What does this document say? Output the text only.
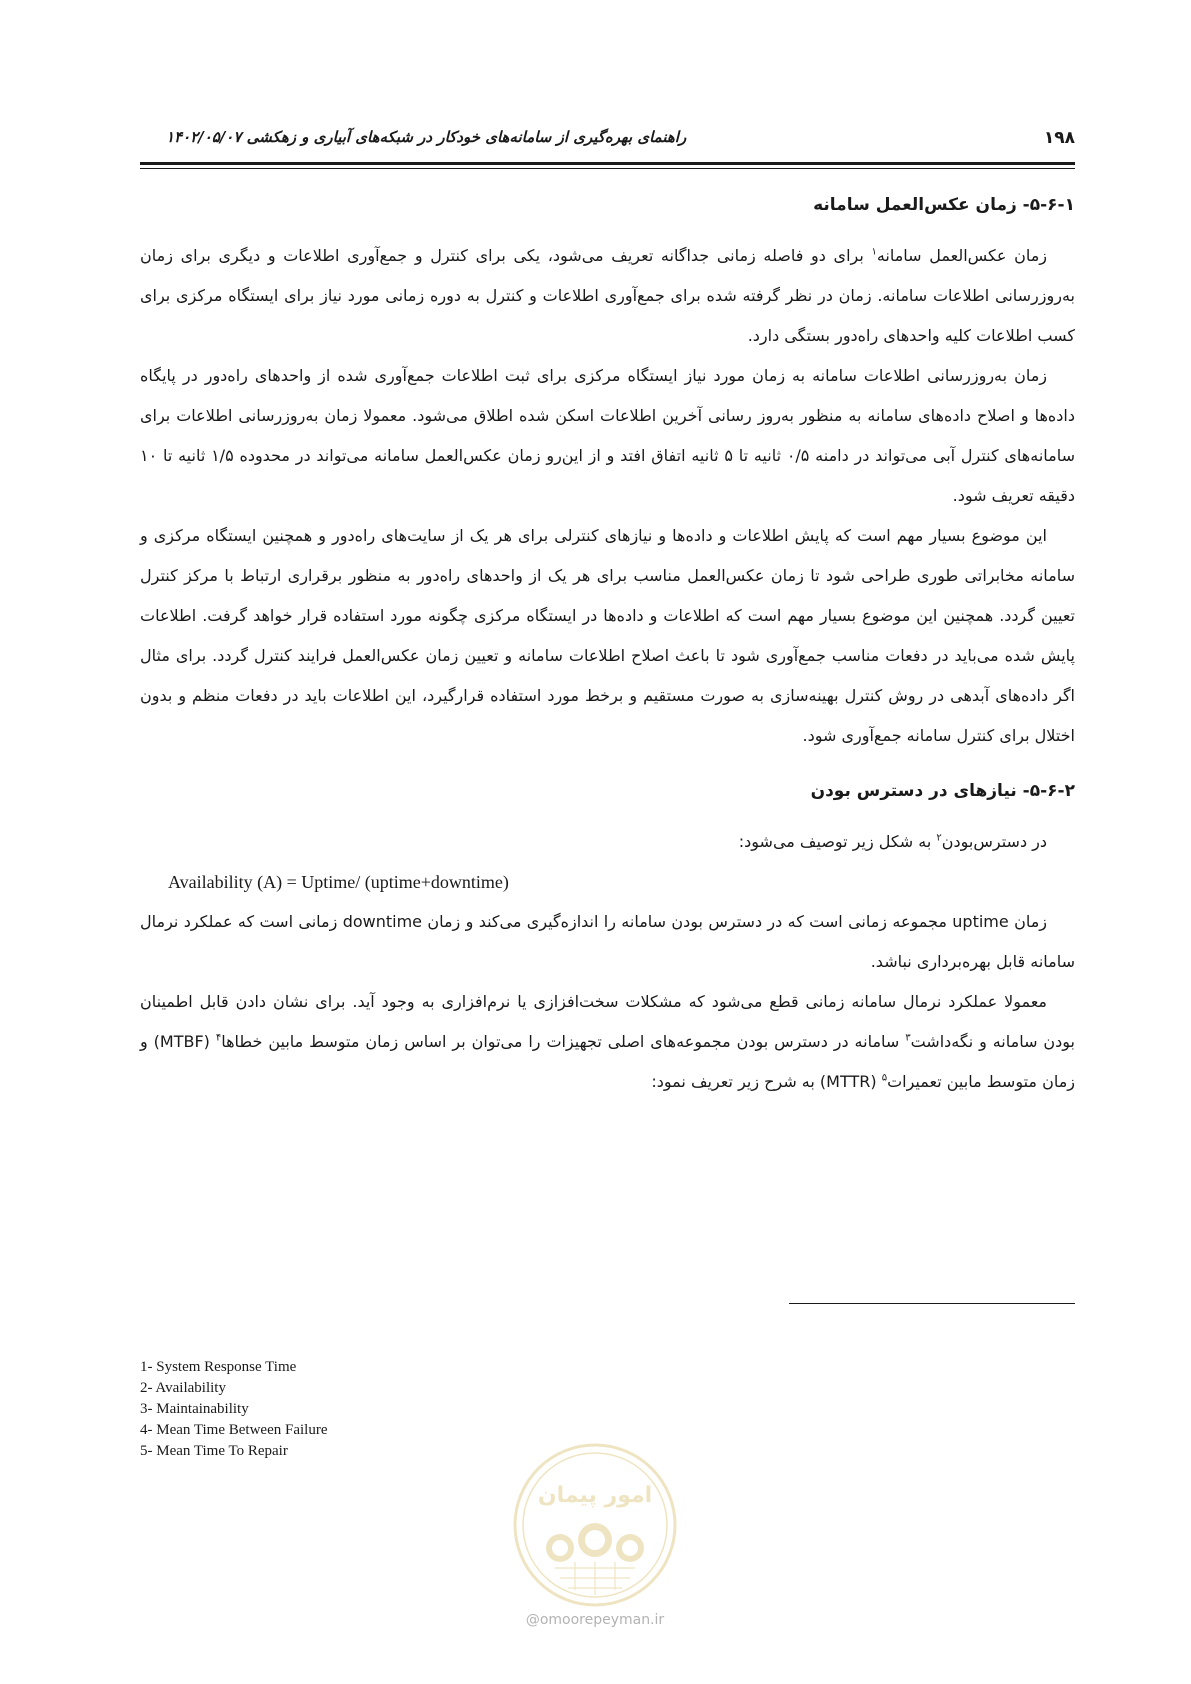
۱۹۸
راهنمای بهره‌گیری از سامانه‌های خودکار در شبکه‌های آبیاری و زهکشی ۱۴۰۲/۰۵/۰۷
۵-۶-۱- زمان عکس‌العمل سامانه

زمان عکس‌العمل سامانه$^۱$ برای دو فاصله زمانی جداگانه تعریف می‌شود، یکی برای کنترل و جمع‌آوری اطلاعات و دیگری برای زمان به‌روزرسانی اطلاعات سامانه. زمان در نظر گرفته شده برای جمع‌آوری اطلاعات و کنترل به دوره زمانی مورد نیاز برای ایستگاه مرکزی برای کسب اطلاعات کلیه واحدهای راه‌دور بستگی دارد.

زمان به‌روزرسانی اطلاعات سامانه به زمان مورد نیاز ایستگاه مرکزی برای ثبت اطلاعات جمع‌آوری شده از واحدهای راه‌دور در پایگاه داده‌ها و اصلاح داده‌های سامانه به منظور به‌روز رسانی آخرین اطلاعات اسکن شده اطلاق می‌شود. معمولا زمان به‌روزرسانی اطلاعات برای سامانه‌های کنترل آبی می‌تواند در دامنه ۰/۵ ثانیه تا ۵ ثانیه اتفاق افتد و از این‌رو زمان عکس‌العمل سامانه می‌تواند در محدوده ۱/۵ ثانیه تا ۱۰ دقیقه تعریف شود.

این موضوع بسیار مهم است که پایش اطلاعات و داده‌ها و نیازهای کنترلی برای هر یک از سایت‌های راه‌دور و همچنین ایستگاه مرکزی و سامانه مخابراتی طوری طراحی شود تا زمان عکس‌العمل مناسب برای هر یک از واحدهای راه‌دور به منظور برقراری ارتباط با مرکز کنترل تعیین گردد. همچنین این موضوع بسیار مهم است که اطلاعات و داده‌ها در ایستگاه مرکزی چگونه مورد استفاده قرار خواهد گرفت. اطلاعات پایش شده می‌باید در دفعات مناسب جمع‌آوری شود تا باعث اصلاح اطلاعات سامانه و تعیین زمان عکس‌العمل فرایند کنترل گردد. برای مثال اگر داده‌های آبدهی در روش کنترل بهینه‌سازی به صورت مستقیم و برخط مورد استفاده قرارگیرد، این اطلاعات باید در دفعات منظم و بدون اختلال برای کنترل سامانه جمع‌آوری شود.

۵-۶-۲- نیازهای در دسترس بودن

در دسترس‌بودن$^۲$ به شکل زیر توصیف می‌شود:

Availability (A) = Uptime/ (uptime+downtime)

زمان uptime مجموعه زمانی است که در دسترس بودن سامانه را اندازه‌گیری می‌کند و زمان downtime زمانی است که عملکرد نرمال سامانه قابل بهره‌برداری نباشد.

معمولا عملکرد نرمال سامانه زمانی قطع می‌شود که مشکلات سخت‌افزازی یا نرم‌افزاری به وجود آید. برای نشان دادن قابل اطمینان بودن سامانه و نگه‌داشت$^۳$ سامانه در دسترس بودن مجموعه‌های اصلی تجهیزات را می‌توان بر اساس زمان متوسط مابین خطاها$^۴$ (MTBF) و زمان متوسط مابین تعمیرات$^۵$ (MTTR) به شرح زیر تعریف نمود:

1- System Response Time
2- Availability
3- Maintainability
4- Mean Time Between Failure
5- Mean Time To Repair
امور پیمان
@omoorepeyman.ir
